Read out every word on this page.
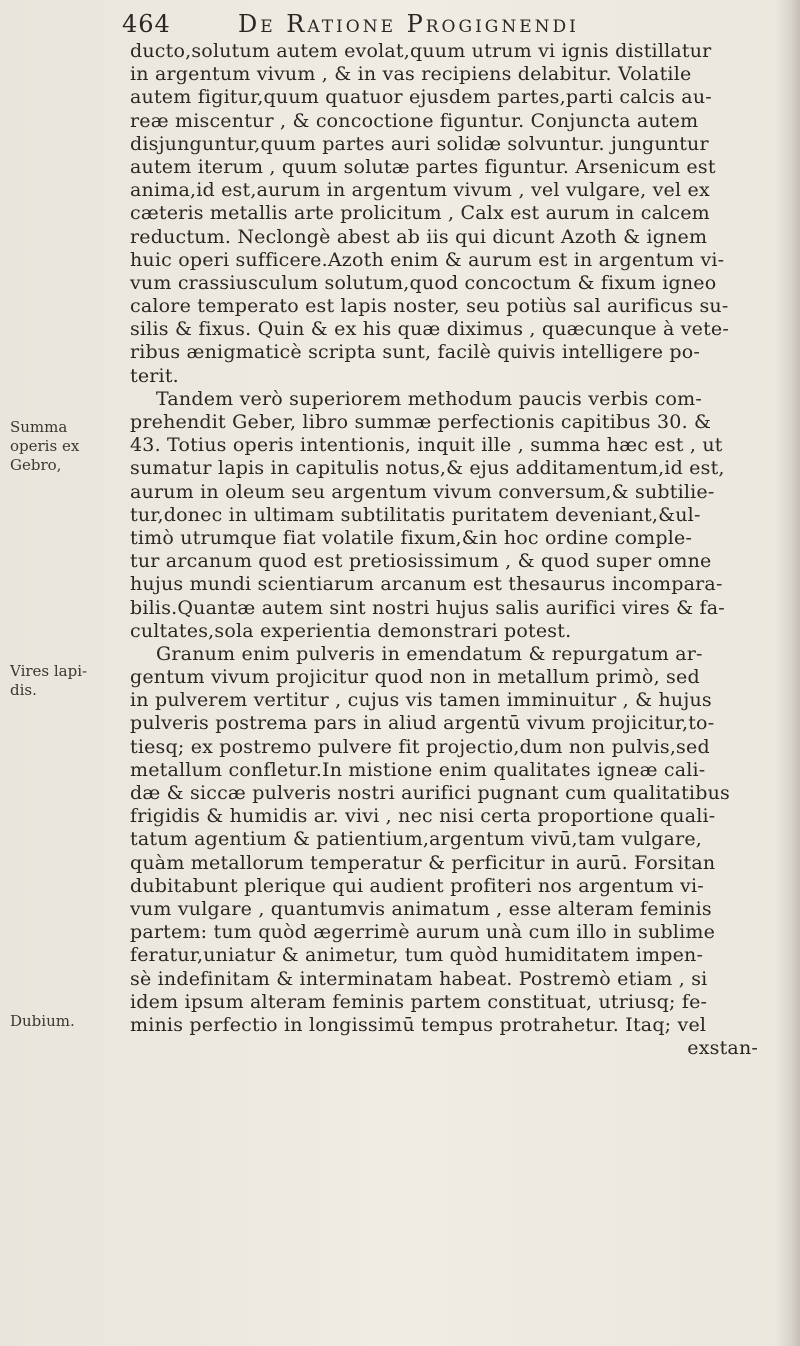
464	De Ratione Progignendi
Summa
operis ex
Gebro,
Vires lapi-
dis.
Dubium.
ducto,solutum autem evolat,quum utrum vi ignis distillatur
in argentum vivum , & in vas recipiens delabitur. Volatile
autem figitur,quum quatuor ejusdem partes,parti calcis au-
reæ miscentur , & concoctione figuntur. Conjuncta autem
disjunguntur,quum partes auri solidæ solvuntur. junguntur
autem iterum , quum solutæ partes figuntur. Arsenicum est
anima,id est,aurum in argentum vivum , vel vulgare, vel ex
cæteris metallis arte prolicitum , Calx est aurum in calcem
reductum. Neclongè abest ab iis qui dicunt Azoth & ignem
huic operi sufficere.Azoth enim & aurum est in argentum vi-
vum crassiusculum solutum,quod concoctum & fixum igneo
calore temperato est lapis noster, seu potiùs sal aurificus su-
silis & fixus. Quin & ex his quæ diximus , quæcunque à vete-
ribus ænigmaticè scripta sunt, facilè quivis intelligere po-
terit.
Tandem verò superiorem methodum paucis verbis com-
prehendit Geber, libro summæ perfectionis capitibus 30. &
43. Totius operis intentionis, inquit ille , summa hæc est , ut
sumatur lapis in capitulis notus,& ejus additamentum,id est,
aurum in oleum seu argentum vivum conversum,& subtilie-
tur,donec in ultimam subtilitatis puritatem deveniant,&ul-
timò utrumque fiat volatile fixum,&in hoc ordine comple-
tur arcanum quod est pretiosissimum , & quod super omne
hujus mundi scientiarum arcanum est thesaurus incompara-
bilis.Quantæ autem sint nostri hujus salis aurifici vires & fa-
cultates,sola experientia demonstrari potest.
Granum enim pulveris in emendatum & repurgatum ar-
gentum vivum projicitur quod non in metallum primò, sed
in pulverem vertitur , cujus vis tamen imminuitur , & hujus
pulveris postrema pars in aliud argentū vivum projicitur,to-
tiesq; ex postremo pulvere fit projectio,dum non pulvis,sed
metallum confletur.In mistione enim qualitates igneæ cali-
dæ & siccæ pulveris nostri aurifici pugnant cum qualitatibus
frigidis & humidis ar. vivi , nec nisi certa proportione quali-
tatum agentium & patientium,argentum vivū,tam vulgare,
quàm metallorum temperatur & perficitur in aurū. Forsitan
dubitabunt plerique qui audient profiteri nos argentum vi-
vum vulgare , quantumvis animatum , esse alteram feminis
partem: tum quòd ægerrimè aurum unà cum illo in sublime
feratur,uniatur & animetur, tum quòd humiditatem impen-
sè indefinitam & interminatam habeat. Postremò etiam , si
idem ipsum alteram feminis partem constituat, utriusq; fe-
minis perfectio in longissimū tempus protrahetur. Itaq; vel
exstan-
